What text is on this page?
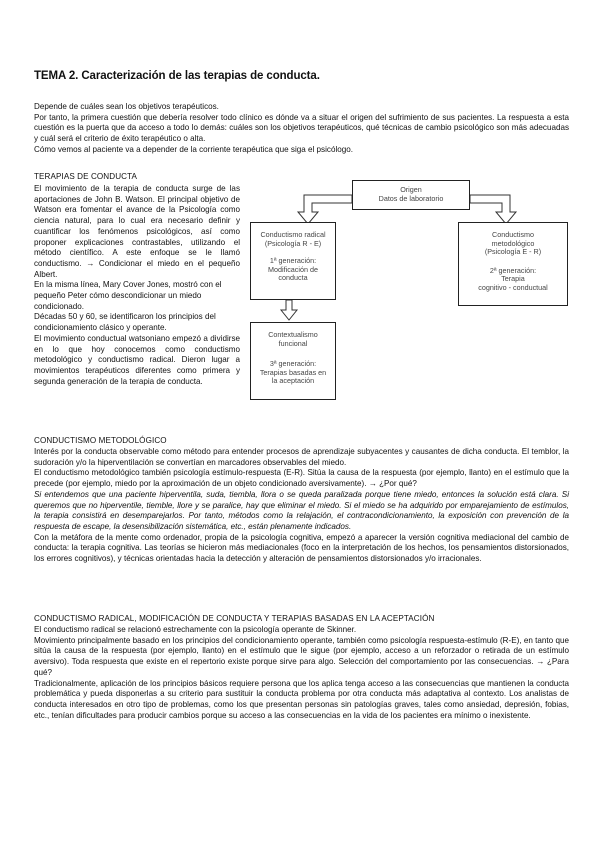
TEMA 2. Caracterización de las terapias de conducta.

Depende de cuáles sean los objetivos terapéuticos.

Por tanto, la primera cuestión que debería resolver todo clínico es dónde va a situar el origen del sufrimiento de sus pacientes. La respuesta a esta cuestión es la puerta que da acceso a todo lo demás: cuáles son los objetivos terapéuticos, qué técnicas de cambio psicológico son más adecuadas y cuál será el criterio de éxito terapéutico o alta.

Cómo vemos al paciente va a depender de la corriente terapéutica que siga el psicólogo.

TERAPIAS DE CONDUCTA

El movimiento de la terapia de conducta surge de las aportaciones de John B. Watson. El principal objetivo de Watson era fomentar el avance de la Psicología como ciencia natural, para lo cual era necesario definir y cuantificar los fenómenos psicológicos, así como proponer explicaciones contrastables, utilizando el método científico. A este enfoque se le llamó conductismo. → Condicionar el miedo en el pequeño Albert.

En la misma línea, Mary Cover Jones, mostró con el pequeño Peter cómo descondicionar un miedo condicionado.

Décadas 50 y 60, se identificaron los principios del condicionamiento clásico y operante.

El movimiento conductual watsoniano empezó a dividirse en lo que hoy conocemos como conductismo metodológico y conductismo radical. Dieron lugar a movimientos terapéuticos diferentes como primera y segunda generación de la terapia de conducta.

Origen
Datos de laboratorio
Conductismo radical
(Psicología R - E)
1ª generación:
Modificación de
conducta
Conductismo
metodológico
(Psicología E - R)
2ª generación:
Terapia
cognitivo - conductual
Contextualismo
funcional
3ª generación:
Terapias basadas en
la aceptación
CONDUCTISMO METODOLÓGICO

Interés por la conducta observable como método para entender procesos de aprendizaje subyacentes y causantes de dicha conducta. El temblor, la sudoración y/o la hiperventilación se convertían en marcadores observables del miedo.

El conductismo metodológico también psicología estímulo-respuesta (E-R). Sitúa la causa de la respuesta (por ejemplo, llanto) en el estímulo que la precede (por ejemplo, miedo por la aproximación de un objeto condicionado aversivamente). → ¿Por qué?

Si entendemos que una paciente hiperventila, suda, tiembla, llora o se queda paralizada porque tiene miedo, entonces la solución está clara. Si queremos que no hiperventile, tiemble, llore y se paralice, hay que eliminar el miedo. Si el miedo se ha adquirido por emparejamiento de estímulos, la terapia consistirá en desemparejarlos. Por tanto, métodos como la relajación, el contracondicionamiento, la exposición con prevención de la respuesta de escape, la desensibilización sistemática, etc., están plenamente indicados.

Con la metáfora de la mente como ordenador, propia de la psicología cognitiva, empezó a aparecer la versión cognitiva mediacional del cambio de conducta: la terapia cognitiva. Las teorías se hicieron más mediacionales (foco en la interpretación de los hechos, los pensamientos distorsionados, los errores cognitivos), y técnicas orientadas hacia la detección y alteración de pensamientos distorsionados y/o irracionales.

CONDUCTISMO RADICAL, MODIFICACIÓN DE CONDUCTA Y TERAPIAS BASADAS EN LA ACEPTACIÓN

El conductismo radical se relacionó estrechamente con la psicología operante de Skinner.

Movimiento principalmente basado en los principios del condicionamiento operante, también como psicología respuesta-estímulo (R-E), en tanto que sitúa la causa de la respuesta (por ejemplo, llanto) en el estímulo que le sigue (por ejemplo, acceso a un reforzador o retirada de un estímulo aversivo). Toda respuesta que existe en el repertorio existe porque sirve para algo. Selección del comportamiento por las consecuencias. → ¿Para qué?

Tradicionalmente, aplicación de los principios básicos requiere persona que los aplica tenga acceso a las consecuencias que mantienen la conducta problemática y pueda disponerlas a su criterio para sustituir la conducta problema por otra conducta más adaptativa al contexto. Los analistas de conducta interesados en otro tipo de problemas, como los que presentan personas sin patologías graves, tales como ansiedad, depresión, fobias, etc., tenían dificultades para producir cambios porque su acceso a las consecuencias en la vida de los pacientes era mínimo o inexistente.
